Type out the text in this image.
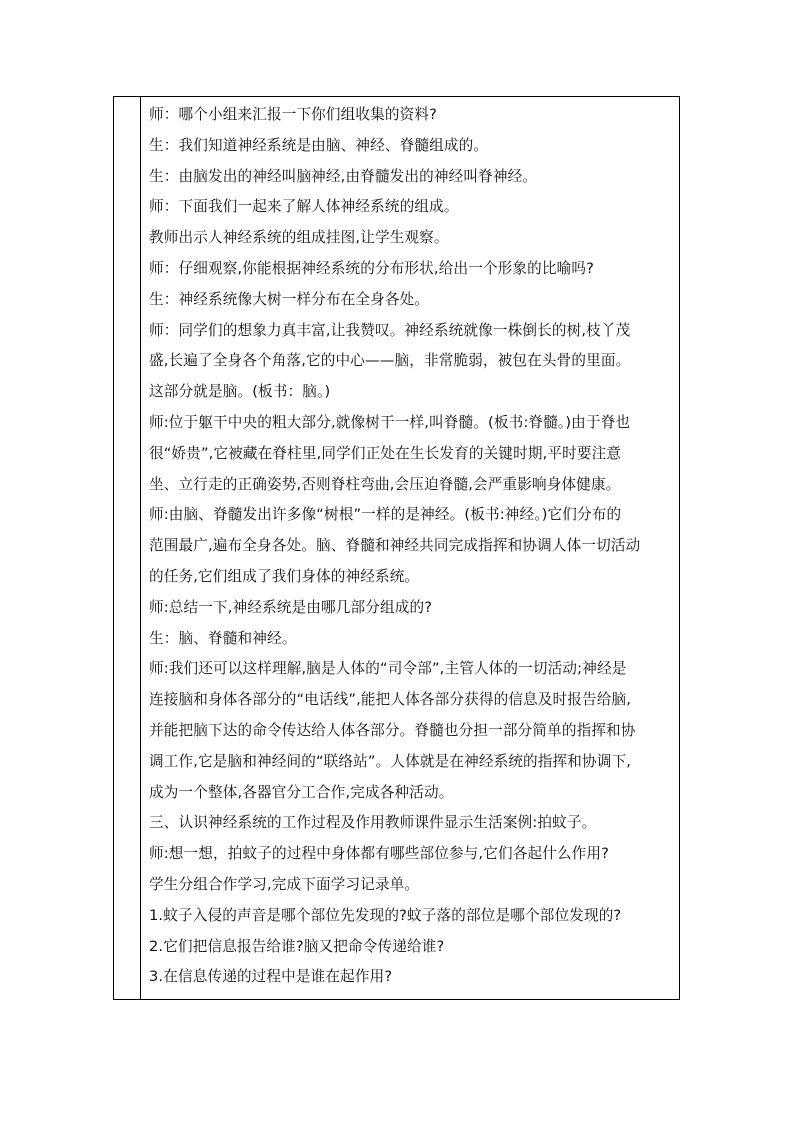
师：哪个小组来汇报一下你们组收集的资料?
生：我们知道神经系统是由脑、神经、脊髓组成的。
生：由脑发出的神经叫脑神经,由脊髓发出的神经叫脊神经。
师：下面我们一起来了解人体神经系统的组成。
教师出示人神经系统的组成挂图,让学生观察。
师：仔细观察,你能根据神经系统的分布形状,给出一个形象的比喻吗?
生：神经系统像大树一样分布在全身各处。
师：同学们的想象力真丰富,让我赞叹。神经系统就像一株倒长的树,枝丫茂
盛,长遍了全身各个角落,它的中心——脑，非常脆弱，被包在头骨的里面。
这部分就是脑。(板书：脑。)
师:位于躯干中央的粗大部分,就像树干一样,叫脊髓。(板书:脊髓。)由于脊也
很“娇贵”,它被藏在脊柱里,同学们正处在生长发育的关键时期,平时要注意
坐、立行走的正确姿势,否则脊柱弯曲,会压迫脊髓,会严重影响身体健康。
师:由脑、脊髓发出许多像“树根”一样的是神经。(板书:神经。)它们分布的
范围最广,遍布全身各处。脑、脊髓和神经共同完成指挥和协调人体一切活动
的任务,它们组成了我们身体的神经系统。
师:总结一下,神经系统是由哪几部分组成的?
生：脑、脊髓和神经。
师:我们还可以这样理解,脑是人体的“司令部”,主管人体的一切活动;神经是
连接脑和身体各部分的“电话线”,能把人体各部分获得的信息及时报告给脑,
并能把脑下达的命令传达给人体各部分。脊髓也分担一部分简单的指挥和协
调工作,它是脑和神经间的“联络站”。人体就是在神经系统的指挥和协调下,
成为一个整体,各器官分工合作,完成各种活动。
三、认识神经系统的工作过程及作用教师课件显示生活案例:拍蚊子。
师:想一想，拍蚊子的过程中身体都有哪些部位参与,它们各起什么作用?
学生分组合作学习,完成下面学习记录单。
1.蚊子入侵的声音是哪个部位先发现的?蚊子落的部位是哪个部位发现的?
2.它们把信息报告给谁?脑又把命令传递给谁?
3.在信息传递的过程中是谁在起作用?
